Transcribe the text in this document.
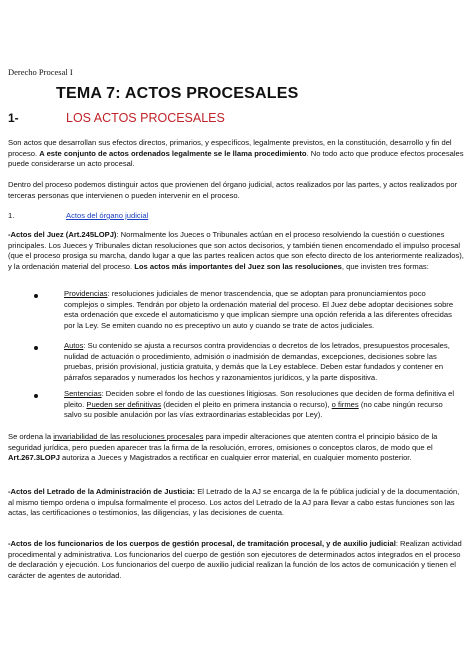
Derecho Procesal I
TEMA 7: ACTOS PROCESALES
1-	LOS ACTOS PROCESALES
Son actos que desarrollan sus efectos directos, primarios, y específicos, legalmente previstos, en la constitución, desarrollo y fin del proceso. A este conjunto de actos ordenados legalmente se le llama procedimiento. No todo acto que produce efectos procesales puede considerarse un acto procesal.
Dentro del proceso podemos distinguir actos que provienen del órgano judicial, actos realizados por las partes, y actos realizados por terceras personas que intervienen o pueden intervenir en el proceso.
1.	Actos del órgano judicial
-Actos del Juez (Art.245LOPJ): Normalmente los Jueces o Tribunales actúan en el proceso resolviendo la cuestión o cuestiones principales. Los Jueces y Tribunales dictan resoluciones que son actos decisorios, y también tienen encomendado el impulso procesal (que el proceso prosiga su marcha, dando lugar a que las partes realicen actos que son efecto directo de los anteriormente realizados), y la ordenación material del proceso. Los actos más importantes del Juez son las resoluciones, que invisten tres formas:
Providencias: resoluciones judiciales de menor trascendencia, que se adoptan para pronunciamientos poco complejos o simples. Tendrán por objeto la ordenación material del proceso. El Juez debe adoptar decisiones sobre esta ordenación que excede el automaticismo y que implican siempre una opción referida a las diferentes ofrecidas por la Ley. Se emiten cuando no es preceptivo un auto y cuando se trate de actos judiciales.
Autos: Su contenido se ajusta a recursos contra providencias o decretos de los letrados, presupuestos procesales, nulidad de actuación o procedimiento, admisión o inadmisión de demandas, excepciones, decisiones sobre las pruebas, prisión provisional, justicia gratuita, y demás que la Ley establece. Deben estar fundados y contener en párrafos separados y numerados los hechos y razonamientos jurídicos, y la parte dispositiva.
Sentencias: Deciden sobre el fondo de las cuestiones litigiosas. Son resoluciones que deciden de forma definitiva el pleito. Pueden ser definitivas (deciden el pleito en primera instancia o recurso), o firmes (no cabe ningún recurso salvo su posible anulación por las vías extraordinarias establecidas por Ley).
Se ordena la invariabilidad de las resoluciones procesales para impedir alteraciones que atenten contra el principio básico de la seguridad jurídica, pero pueden aparecer tras la firma de la resolución, errores, omisiones o conceptos claros, de modo que el Art.267.3LOPJ autoriza a Jueces y Magistrados a rectificar en cualquier error material, en cualquier momento posterior.
-Actos del Letrado de la Administración de Justicia: El Letrado de la AJ se encarga de la fe pública judicial y de la documentación, al mismo tiempo ordena o impulsa formalmente el proceso. Los actos del Letrado de la AJ para llevar a cabo estas funciones son las actas, las certificaciones o testimonios, las diligencias, y las decisiones de cuenta.
-Actos de los funcionarios de los cuerpos de gestión procesal, de tramitación procesal, y de auxilio judicial: Realizan actividad procedimental y administrativa. Los funcionarios del cuerpo de gestión son ejecutores de determinados actos integrados en el proceso de declaración y ejecución. Los funcionarios del cuerpo de auxilio judicial realizan la función de los actos de comunicación y tienen el carácter de agentes de autoridad.
